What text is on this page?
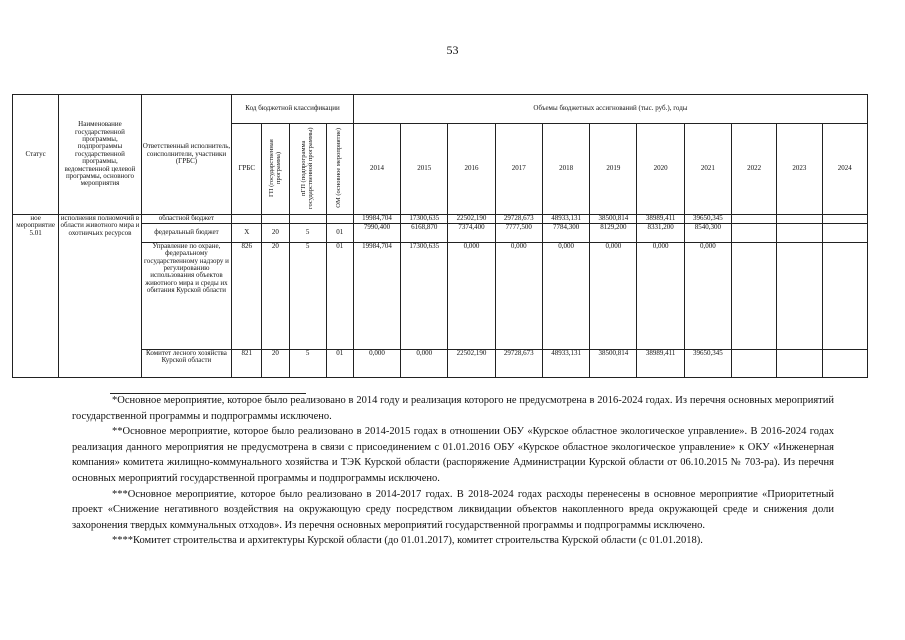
53
Статус	Наименование государственной программы, подпрограммы государственной программы, ведомственной целевой программы, основного мероприятия	Ответственный исполнитель, соисполнители, участники (ГРБС)	Код бюджетной классификации				Объемы бюджетных ассигнований (тыс. руб.), годы										
			ГРБС	ГП (государственная программа)	пГП (подпрограмма государственной программы)	ОМ (основное мероприятие)	2014	2015	2016	2017	2018	2019	2020	2021	2022	2023	2024
ное мероприятие 5.01	исполнения полномочий в области животного мира и охотничьих ресурсов	областной бюджет					19984,704	17300,635	22502,190	29728,673	48933,131	38500,814	38989,411	39650,345			
		федеральный бюджет	Х	20	5	01	7990,400	6168,870	7374,400	7777,500	7784,300	8129,200	8331,200	8540,300			
		Управление по охране, федеральному государственному надзору и регулированию использования объектов животного мира и среды их обитания Курской области	826	20	5	01	19984,704	17300,635	0,000	0,000	0,000	0,000	0,000	0,000			
		Комитет лесного хозяйства Курской области	821	20	5	01	0,000	0,000	22502,190	29728,673	48933,131	38500,814	38989,411	39650,345			

*Основное мероприятие, которое было реализовано в 2014 году и реализация которого не предусмотрена в 2016-2024 годах. Из перечня основных мероприятий государственной программы и подпрограммы исключено.

**Основное мероприятие, которое было реализовано в 2014-2015 годах в отношении ОБУ «Курское областное экологическое управление». В 2016-2024 годах реализация данного мероприятия не предусмотрена в связи с присоединением с 01.01.2016 ОБУ «Курское областное экологическое управление» к ОКУ «Инженерная компания» комитета жилищно-коммунального хозяйства и ТЭК Курской области (распоряжение Администрации Курской области от 06.10.2015 № 703-ра). Из перечня основных мероприятий государственной программы и подпрограммы исключено.

***Основное мероприятие, которое было реализовано в 2014-2017 годах. В 2018-2024 годах расходы перенесены в основное мероприятие «Приоритетный проект «Снижение негативного воздействия на окружающую среду посредством ликвидации объектов накопленного вреда окружающей среде и снижения доли захоронения твердых коммунальных отходов». Из перечня основных мероприятий государственной программы и подпрограммы исключено.

****Комитет строительства и архитектуры Курской области (до 01.01.2017), комитет строительства Курской области (с 01.01.2018).
